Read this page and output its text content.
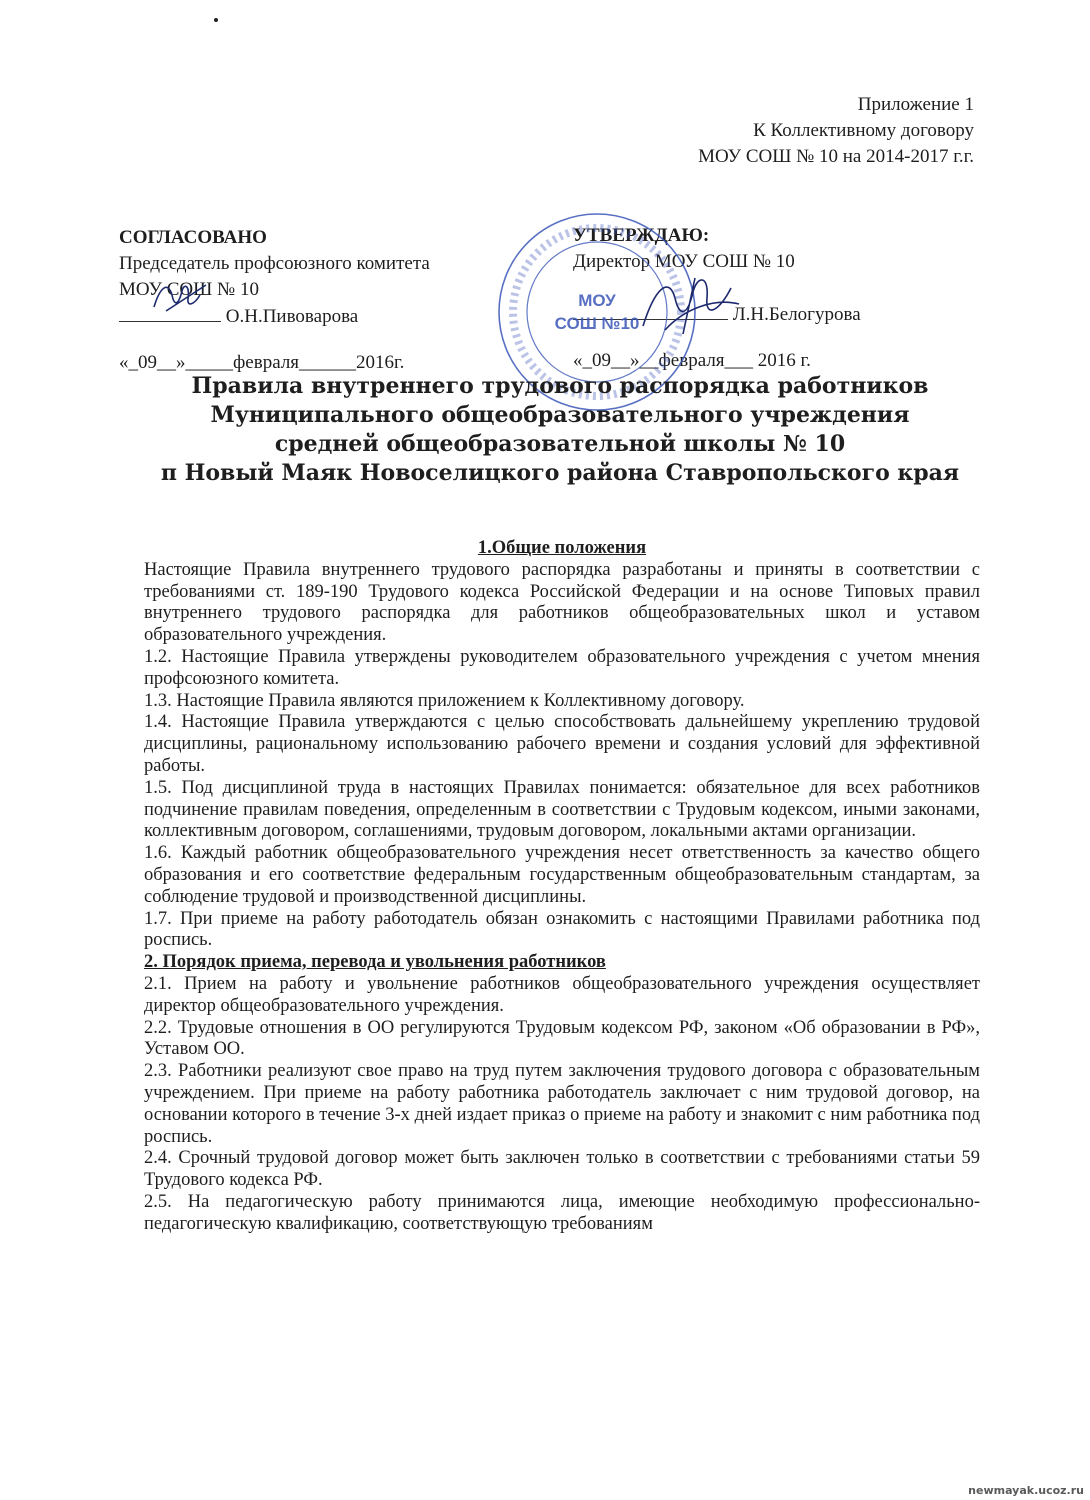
Приложение 1
К Коллективному договору
МОУ СОШ № 10 на 2014-2017 г.г.
СОГЛАСОВАНО
Председатель профсоюзного комитета
МОУ СОШ № 10
О.Н.Пивоварова
«_09__»_____февраля______2016г.
УТВЕРЖДАЮ:
Директор МОУ СОШ № 10
Л.Н.Белогурова
«_09__»__февраля___ 2016 г.
МОУ
СОШ №10
Правила внутреннего трудового распорядка работников
Муниципального общеобразовательного учреждения
средней общеобразовательной школы № 10
п Новый Маяк Новоселицкого района Ставропольского края
1.Общие положения

Настоящие Правила внутреннего трудового распорядка разработаны и приняты в соответствии с требованиями ст. 189-190 Трудового кодекса Российской Федерации и на основе Типовых правил внутреннего трудового распорядка для работников общеобразовательных школ и уставом образовательного учреждения.

1.2. Настоящие Правила утверждены руководителем образовательного учреждения с учетом мнения профсоюзного комитета.

1.3. Настоящие Правила являются приложением к Коллективному договору.

1.4. Настоящие Правила утверждаются с целью способствовать дальнейшему укреплению трудовой дисциплины, рациональному использованию рабочего времени и создания условий для эффективной работы.

1.5. Под дисциплиной труда в настоящих Правилах понимается: обязательное для всех работников подчинение правилам поведения, определенным в соответствии с Трудовым кодексом, иными законами, коллективным договором, соглашениями, трудовым договором, локальными актами организации.

1.6. Каждый работник общеобразовательного учреждения несет ответственность за качество общего образования и его соответствие федеральным государственным общеобразовательным стандартам, за соблюдение трудовой и производственной дисциплины.

1.7. При приеме на работу работодатель обязан ознакомить с настоящими Правилами работника под роспись.

2. Порядок приема, перевода и увольнения работников

2.1. Прием на работу и увольнение работников общеобразовательного учреждения осуществляет директор общеобразовательного учреждения.

2.2. Трудовые отношения в ОО регулируются Трудовым кодексом РФ, законом «Об образовании в РФ», Уставом ОО.

2.3. Работники реализуют свое право на труд путем заключения трудового договора с образовательным учреждением. При приеме на работу работника работодатель заключает с ним трудовой договор, на основании которого в течение 3-х дней издает приказ о приеме на работу и знакомит с ним работника под роспись.

2.4. Срочный трудовой договор может быть заключен только в соответствии с требованиями статьи 59 Трудового кодекса РФ.

2.5. На педагогическую работу принимаются лица, имеющие необходимую профессионально-педагогическую квалификацию, соответствующую требованиям

newmayak.ucoz.ru
